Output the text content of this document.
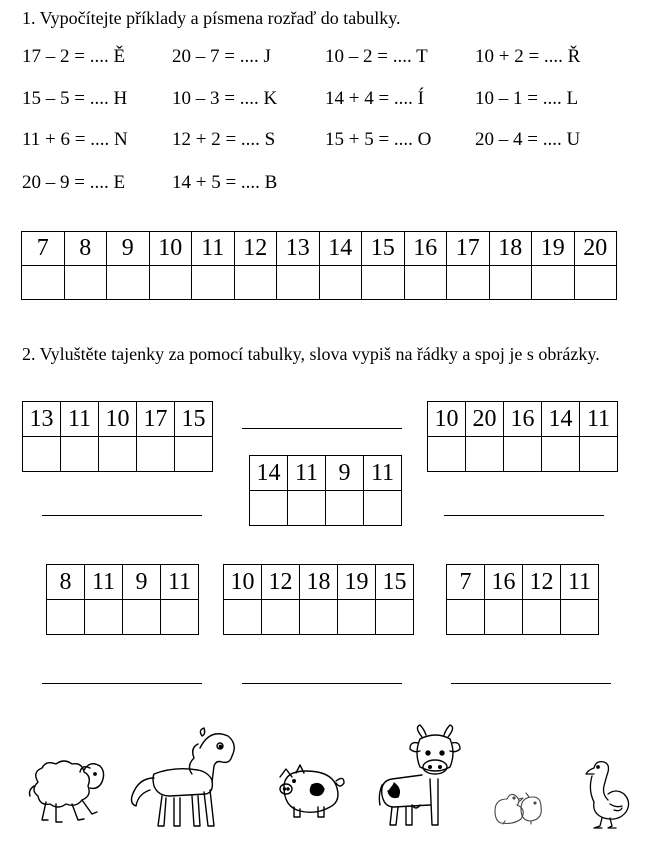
1. Vypočítejte příklady a písmena rozřaď do tabulky.
17 – 2 = .... Ě 20 – 7 = .... J	10 – 2 = .... T 10 + 2 = .... Ř
15 – 5 = .... H 10 – 3 = .... K	14 + 4 = .... Í	10 – 1 = .... L
11 + 6 = .... N 12 + 2 = .... S	15 + 5 = .... O 20 – 4 = .... U
20 – 9 = .... E 14 + 5 = .... B
7	8	9	10	11	12	13	14	15	16	17	18	19	20

2. Vyluštěte tajenky za pomocí tabulky, slova vypiš na řádky a spoj je s obrázky.
13	11	10	17	15
					10	20	16	14	11

14	11	9	11

8	11	9	11
			10	12	18	19	15
				7	16	12	11
